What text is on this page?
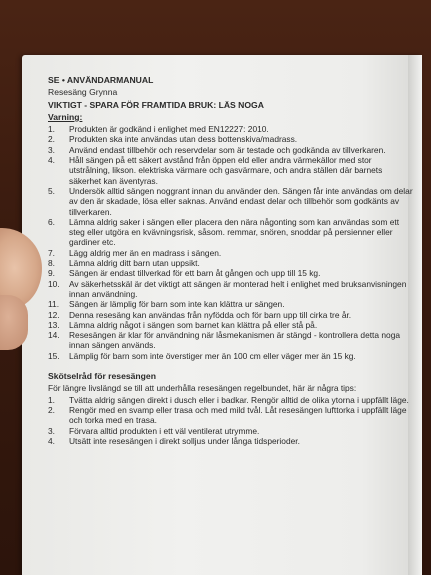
SE • ANVÄNDARMANUAL
Resesäng Grynna
VIKTIGT - SPARA FÖR FRAMTIDA BRUK: LÄS NOGA
Varning:
1.	Produkten är godkänd i enlighet med EN12227: 2010.
2.	Produkten ska inte användas utan dess bottenskiva/madrass.
3.	Använd endast tillbehör och reservdelar som är testade och godkända av tillverkaren.
4.	Håll sängen på ett säkert avstånd från öppen eld eller andra värmekällor med stor utstrålning, likson. elektriska värmare och gasvärmare, och andra ställen där barnets säkerhet kan äventyras.
5.	Undersök alltid sängen noggrant innan du använder den. Sängen får inte användas om delar av den är skadade, lösa eller saknas. Använd endast delar och tillbehör som godkänts av tillverkaren.
6.	Lämna aldrig saker i sängen eller placera den nära någonting som kan användas som ett steg eller utgöra en kvävningsrisk, såsom. remmar, snören, snoddar på persienner eller gardiner etc.
7.	Lägg aldrig mer än en madrass i sängen.
8.	Lämna aldrig ditt barn utan uppsikt.
9.	Sängen är endast tillverkad för ett barn åt gången och upp till 15 kg.
10.	Av säkerhetsskäl är det viktigt att sängen är monterad helt i enlighet med bruksanvisningen innan användning.
11.	Sängen är lämplig för barn som inte kan klättra ur sängen.
12.	Denna resesäng kan användas från nyfödda och för barn upp till cirka tre år.
13.	Lämna aldrig något i sängen som barnet kan klättra på eller stå på.
14.	Resesängen är klar för användning när låsmekanismen är stängd - kontrollera detta noga innan sängen används.
15.	Lämplig för barn som inte överstiger mer än 100 cm eller väger mer än 15 kg.
Skötselråd för resesängen
För längre livslängd se till att underhålla resesängen regelbundet, här är några tips:
1.	Tvätta aldrig sängen direkt i dusch eller i badkar. Rengör alltid de olika ytorna i uppfällt läge.
2.	Rengör med en svamp eller trasa och med mild tvål. Låt resesängen lufttorka i uppfällt läge och torka med en trasa.
3.	Förvara alltid produkten i ett väl ventilerat utrymme.
4.	Utsätt inte resesängen i direkt solljus under långa tidsperioder.
